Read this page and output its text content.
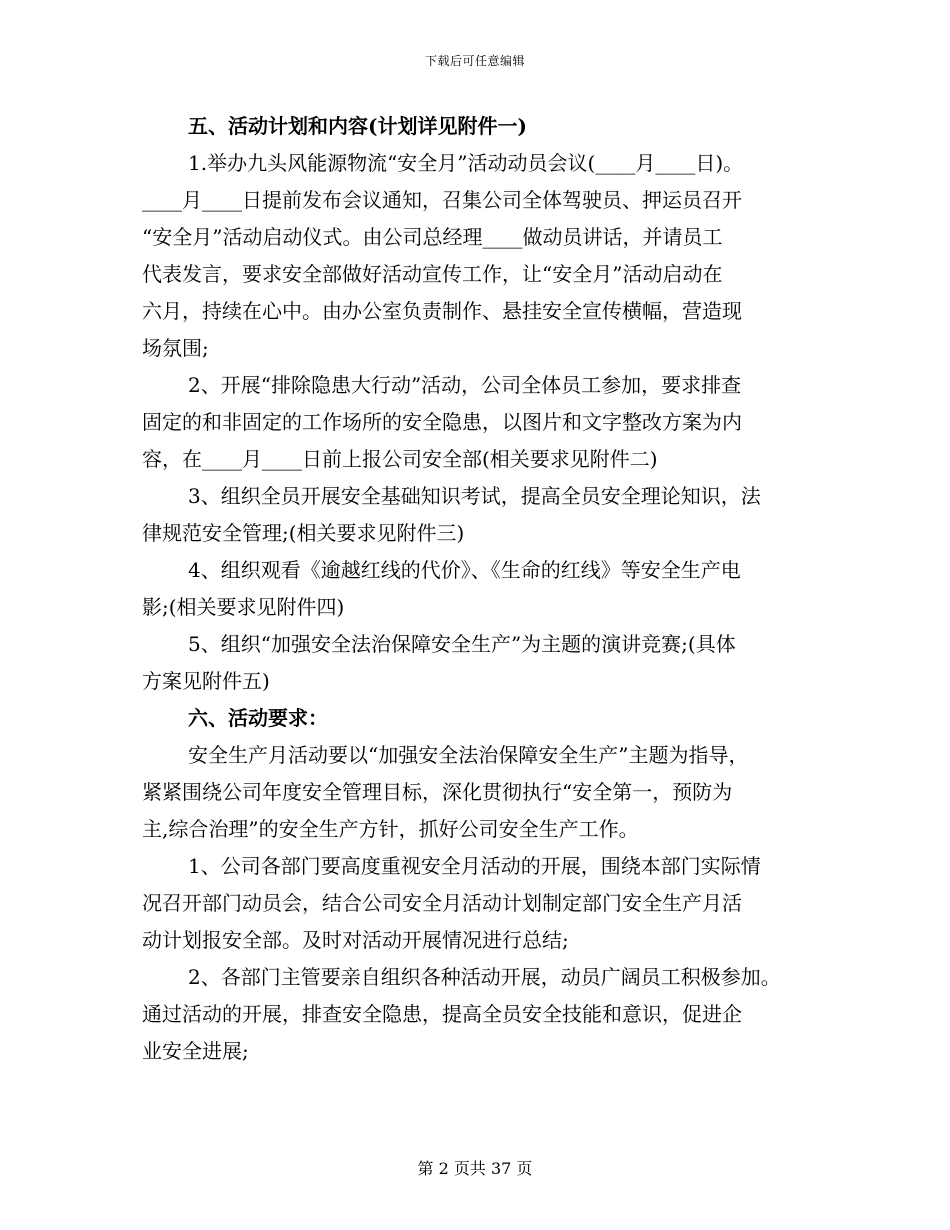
下载后可任意编辑
五、活动计划和内容(计划详见附件一)
1.举办九头风能源物流“安全月”活动动员会议(____月____日)。
____月____日提前发布会议通知，召集公司全体驾驶员、押运员召开
“安全月”活动启动仪式。由公司总经理____做动员讲话，并请员工
代表发言，要求安全部做好活动宣传工作，让“安全月”活动启动在
六月，持续在心中。由办公室负责制作、悬挂安全宣传横幅，营造现
场氛围;
2、开展“排除隐患大行动”活动，公司全体员工参加，要求排查
固定的和非固定的工作场所的安全隐患，以图片和文字整改方案为内
容，在____月____日前上报公司安全部(相关要求见附件二)
3、组织全员开展安全基础知识考试，提高全员安全理论知识，法
律规范安全管理;(相关要求见附件三)
4、组织观看《逾越红线的代价》、《生命的红线》等安全生产电
影;(相关要求见附件四)
5、组织“加强安全法治保障安全生产”为主题的演讲竞赛;(具体
方案见附件五)
六、活动要求：
安全生产月活动要以“加强安全法治保障安全生产”主题为指导，
紧紧围绕公司年度安全管理目标，深化贯彻执行“安全第一，预防为
主,综合治理”的安全生产方针，抓好公司安全生产工作。
1、公司各部门要高度重视安全月活动的开展，围绕本部门实际情
况召开部门动员会，结合公司安全月活动计划制定部门安全生产月活
动计划报安全部。及时对活动开展情况进行总结;
2、各部门主管要亲自组织各种活动开展，动员广阔员工积极参加。
通过活动的开展，排查安全隐患，提高全员安全技能和意识，促进企
业安全进展;
第 2 页共 37 页
